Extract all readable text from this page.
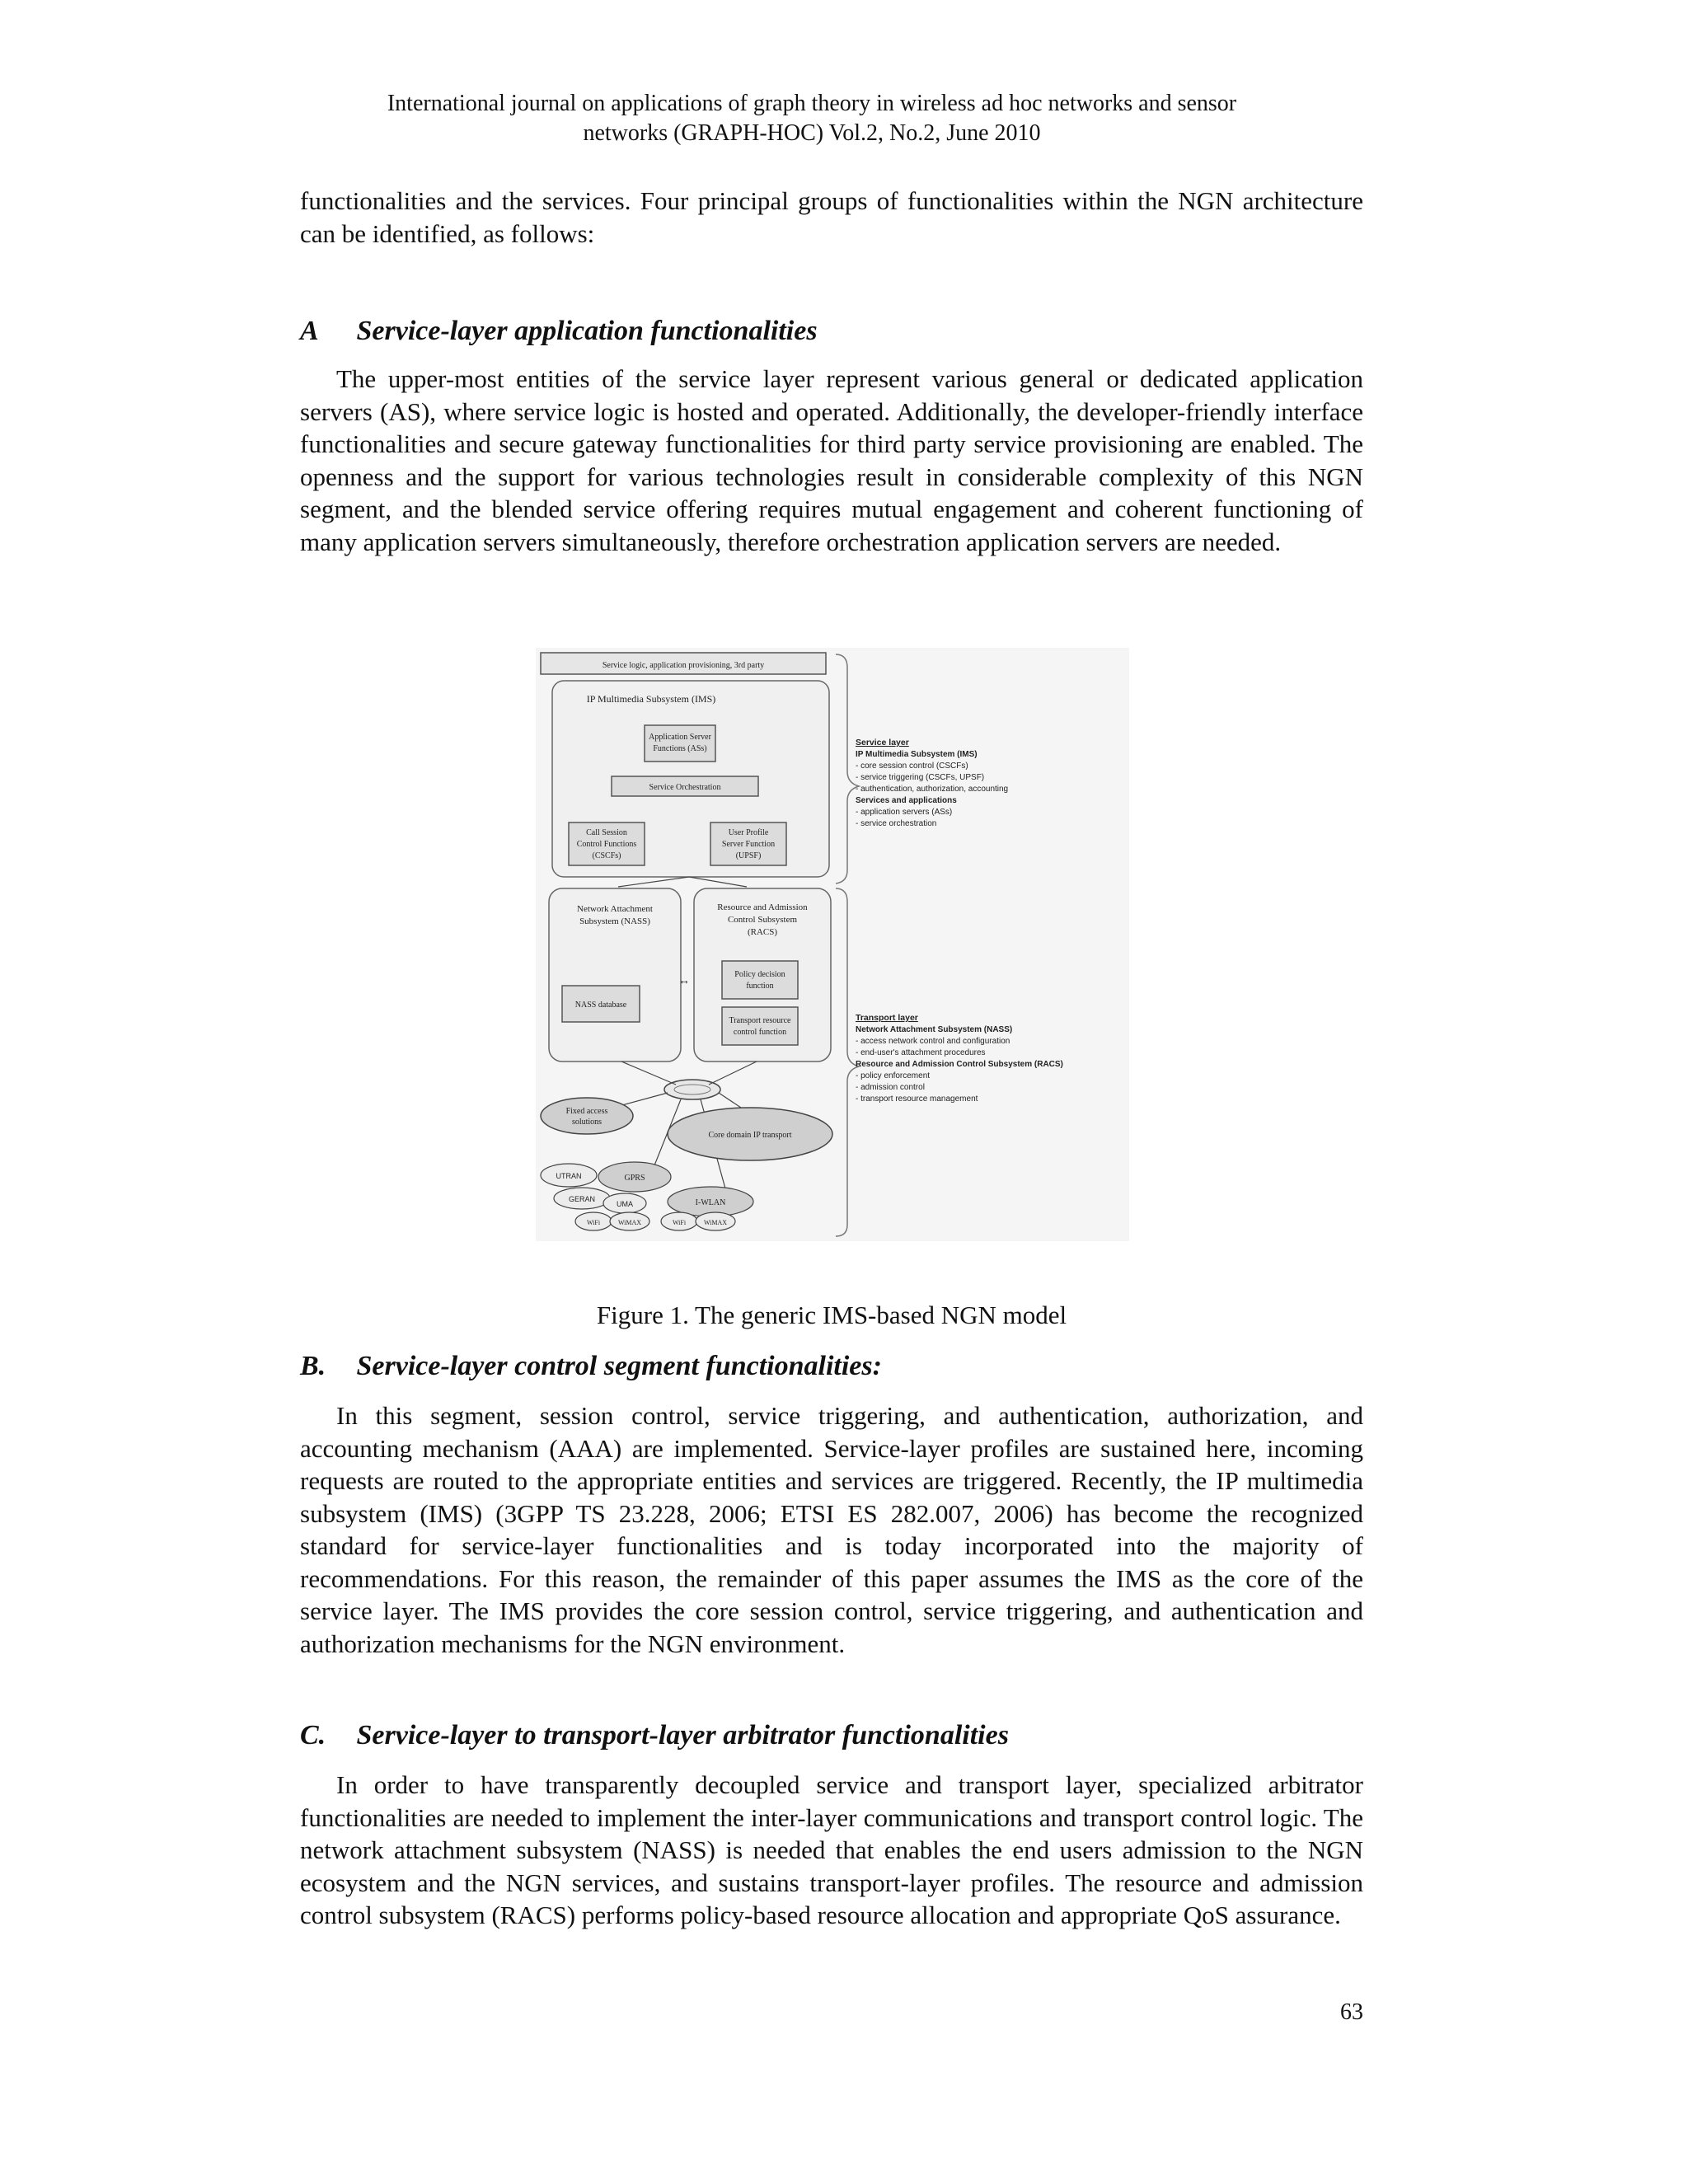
International journal on applications of graph theory in wireless ad hoc networks and sensor
networks (GRAPH-HOC) Vol.2, No.2, June 2010

functionalities and the services. Four principal groups of functionalities within the NGN architecture can be identified, as follows:

A Service-layer application functionalities

The upper-most entities of the service layer represent various general or dedicated application servers (AS), where service logic is hosted and operated. Additionally, the developer-friendly interface functionalities and secure gateway functionalities for third party service provisioning are enabled. The openness and the support for various technologies result in considerable complexity of this NGN segment, and the blended service offering requires mutual engagement and coherent functioning of many application servers simultaneously, therefore orchestration application servers are needed.

Service logic, application provisioning, 3rd party
IP Multimedia Subsystem (IMS)
Application Server
Functions (ASs)
Service Orchestration
Call Session
Control Functions
(CSCFs)
User Profile
Server Function
(UPSF)
Network Attachment
Subsystem (NASS)
NASS database
↔
Resource and Admission
Control Subsystem
(RACS)
Policy decision
function
Transport resource
control function
Fixed access
solutions
Core domain IP transport
UTRAN	GPRS
GERAN
UMA	I-WLAN
WiFi	WiMAX	WiFi	WiMAX
Service layer
IP Multimedia Subsystem (IMS)
- core session control (CSCFs)
- service triggering (CSCFs, UPSF)
- authentication, authorization, accounting
Services and applications
- application servers (ASs)
- service orchestration
Transport layer
Network Attachment Subsystem (NASS)
- access network control and configuration
- end-user's attachment procedures
Resource and Admission Control Subsystem (RACS)
- policy enforcement
- admission control
- transport resource management
Figure 1. The generic IMS-based NGN model
B. Service-layer control segment functionalities:

In this segment, session control, service triggering, and authentication, authorization, and accounting mechanism (AAA) are implemented. Service-layer profiles are sustained here, incoming requests are routed to the appropriate entities and services are triggered. Recently, the IP multimedia subsystem (IMS) (3GPP TS 23.228, 2006; ETSI ES 282.007, 2006) has become the recognized standard for service-layer functionalities and is today incorporated into the majority of recommendations. For this reason, the remainder of this paper assumes the IMS as the core of the service layer. The IMS provides the core session control, service triggering, and authentication and authorization mechanisms for the NGN environment.

C. Service-layer to transport-layer arbitrator functionalities

In order to have transparently decoupled service and transport layer, specialized arbitrator functionalities are needed to implement the inter-layer communications and transport control logic. The network attachment subsystem (NASS) is needed that enables the end users admission to the NGN ecosystem and the NGN services, and sustains transport-layer profiles. The resource and admission control subsystem (RACS) performs policy-based resource allocation and appropriate QoS assurance.

63
